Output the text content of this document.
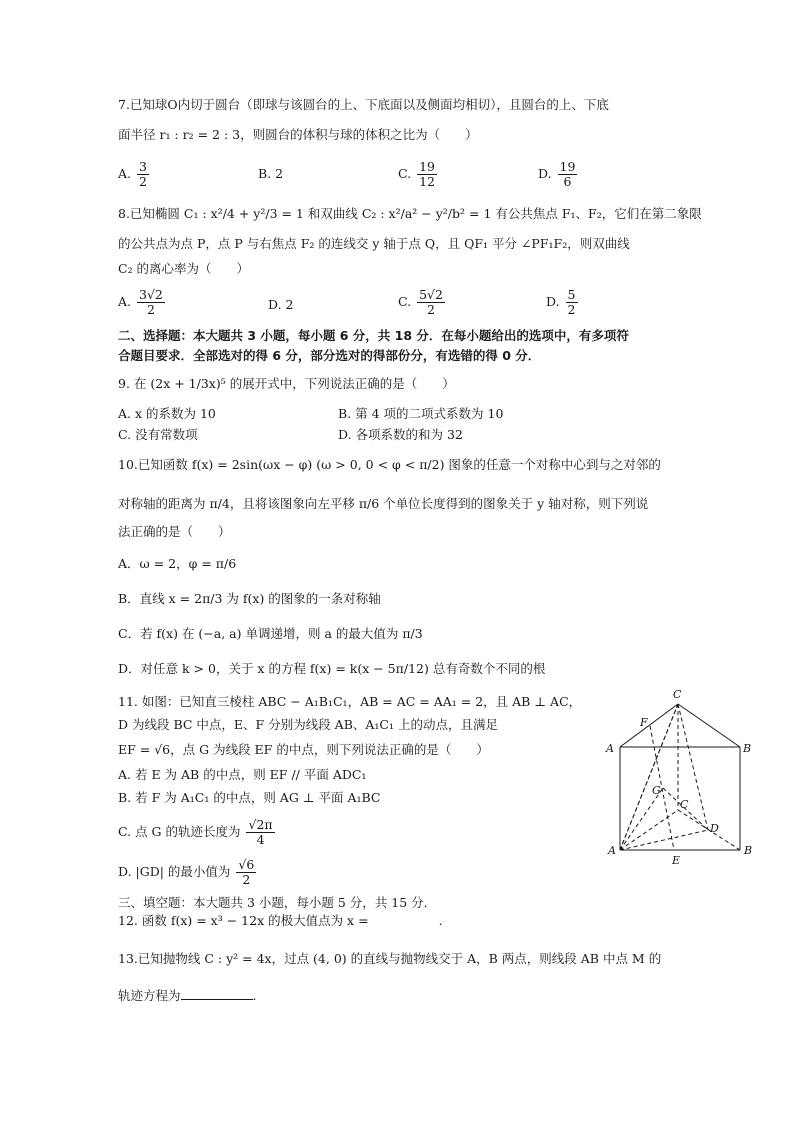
7.已知球O内切于圆台（即球与该圆台的上、下底面以及侧面均相切），且圆台的上、下底
面半径 r₁ : r₂ = 2 : 3，则圆台的体积与球的体积之比为（　　）
A. $\frac{3}{2}$	B. 2	C. $\frac{19}{12}$	D. $\frac{19}{6}$
8.已知椭圆 C₁ : x²/4 + y²/3 = 1 和双曲线 C₂ : x²/a² − y²/b² = 1 有公共焦点 F₁、F₂，它们在第二象限
的公共点为点 P，点 P 与右焦点 F₂ 的连线交 y 轴于点 Q，且 QF₁ 平分 ∠PF₁F₂，则双曲线
C₂ 的离心率为（　　）
A. $\frac{3√2}{2}$	D. 2	C. $\frac{5√2}{2}$	D. $\frac{5}{2}$
二、选择题：本大题共 3 小题，每小题 6 分，共 18 分．在每小题给出的选项中，有多项符
合题目要求．全部选对的得 6 分，部分选对的得部份分，有选错的得 0 分．
9. 在 (2x + 1/3x)⁵ 的展开式中，下列说法正确的是（　　）
A. x 的系数为 10	B. 第 4 项的二项式系数为 10
C. 没有常数项	D. 各项系数的和为 32
10.已知函数 f(x) = 2sin(ωx − φ) (ω > 0, 0 < φ < π/2) 图象的任意一个对称中心到与之对邻的
对称轴的距离为 π/4，且将该图象向左平移 π/6 个单位长度得到的图象关于 y 轴对称，则下列说
法正确的是（　　）
A．ω = 2，φ = π/6
B．直线 x = 2π/3 为 f(x) 的图象的一条对称轴
C．若 f(x) 在 (−a, a) 单调递增，则 a 的最大值为 π/3
D．对任意 k > 0，关于 x 的方程 f(x) = k(x − 5π/12) 总有奇数个不同的根
11. 如图：已知直三棱柱 ABC − A₁B₁C₁，AB = AC = AA₁ = 2，且 AB ⊥ AC，
D 为线段 BC 中点，E、F 分别为线段 AB、A₁C₁ 上的动点，且满足
EF = √6，点 G 为线段 EF 的中点，则下列说法正确的是（　　）
A. 若 E 为 AB 的中点，则 EF // 平面 ADC₁
B. 若 F 为 A₁C₁ 的中点，则 AG ⊥ 平面 A₁BC
C. 点 G 的轨迹长度为 $\frac{√2\pi}{4}$
D. |GD| 的最小值为 $\frac{√6}{2}$
C
F
A	B
G
C
D
A
E
B
三、填空题：本大题共 3 小题，每小题 5 分，共 15 分．
12. 函数 f(x) = x³ − 12x 的极大值点为 x =	.
13.已知抛物线 C : y² = 4x，过点 (4, 0) 的直线与抛物线交于 A，B 两点，则线段 AB 中点 M 的
轨迹方程为	.
